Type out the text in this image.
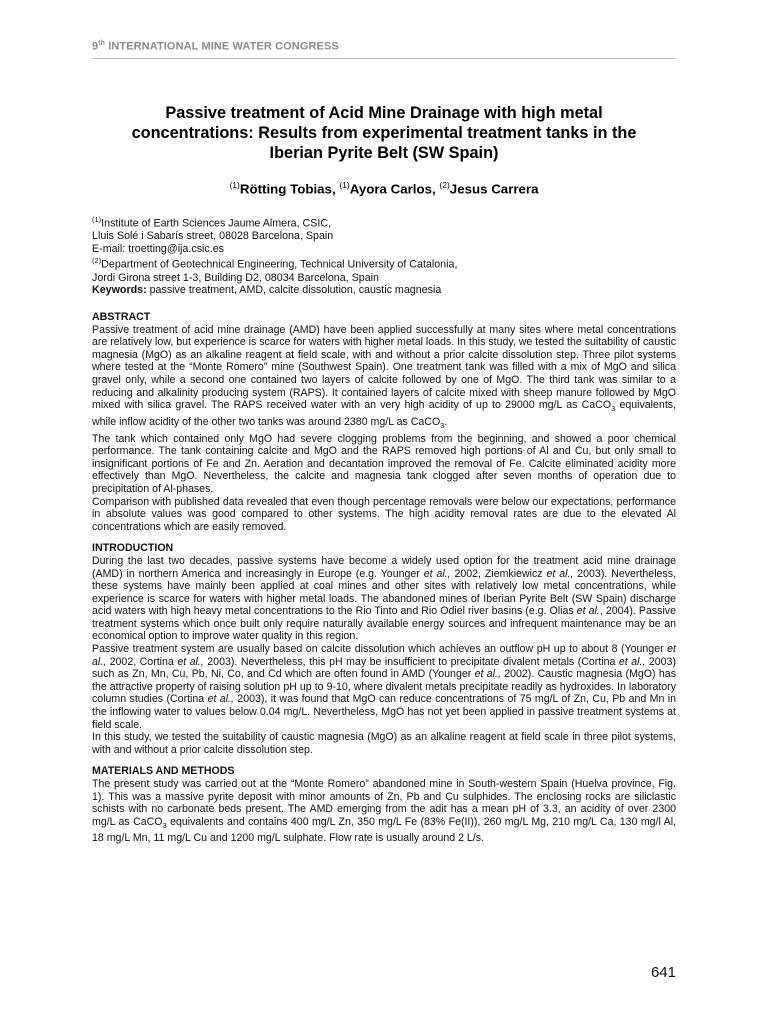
9th INTERNATIONAL MINE WATER CONGRESS
Passive treatment of Acid Mine Drainage with high metal
concentrations: Results from experimental treatment tanks in the
Iberian Pyrite Belt (SW Spain)
$^{(1)}$Rötting Tobias, $^{(1)}$Ayora Carlos, $^{(2)}$Jesus Carrera
$^{(1)}$Institute of Earth Sciences Jaume Almera, CSIC,
Lluis Solé i Sabarís street, 08028 Barcelona, Spain
E-mail: troetting@ija.csic.es
$^{(2)}$Department of Geotechnical Engineering, Technical University of Catalonia,
Jordi Girona street 1-3, Building D2, 08034 Barcelona, Spain
Keywords: passive treatment, AMD, calcite dissolution, caustic magnesia

ABSTRACT

Passive treatment of acid mine drainage (AMD) have been applied successfully at many sites where metal concentrations are relatively low, but experience is scarce for waters with higher metal loads. In this study, we tested the suitability of caustic magnesia (MgO) as an alkaline reagent at field scale, with and without a prior calcite dissolution step. Three pilot systems where tested at the “Monte Romero” mine (Southwest Spain). One treatment tank was filled with a mix of MgO and silica gravel only, while a second one contained two layers of calcite followed by one of MgO. The third tank was similar to a reducing and alkalinity producing system (RAPS). It contained layers of calcite mixed with sheep manure followed by MgO mixed with silica gravel. The RAPS received water with an very high acidity of up to 29000 mg/L as CaCO$_3$ equivalents, while inflow acidity of the other two tanks was around 2380 mg/L as CaCO$_3$.

The tank which contained only MgO had severe clogging problems from the beginning, and showed a poor chemical performance. The tank containing calcite and MgO and the RAPS removed high portions of Al and Cu, but only small to insignificant portions of Fe and Zn. Aeration and decantation improved the removal of Fe. Calcite eliminated acidity more effectively than MgO. Nevertheless, the calcite and magnesia tank clogged after seven months of operation due to precipitation of Al-phases.

Comparison with published data revealed that even though percentage removals were below our expectations, performance in absolute values was good compared to other systems. The high acidity removal rates are due to the elevated Al concentrations which are easily removed.

INTRODUCTION

During the last two decades, passive systems have become a widely used option for the treatment acid mine drainage (AMD) in northern America and increasingly in Europe (e.g. Younger et al., 2002, Ziemkiewicz et al., 2003). Nevertheless, these systems have mainly been applied at coal mines and other sites with relatively low metal concentrations, while experience is scarce for waters with higher metal loads. The abandoned mines of Iberian Pyrite Belt (SW Spain) discharge acid waters with high heavy metal concentrations to the Rio Tinto and Rio Odiel river basins (e.g. Olias et al., 2004). Passive treatment systems which once built only require naturally available energy sources and infrequent maintenance may be an economical option to improve water quality in this region.

Passive treatment system are usually based on calcite dissolution which achieves an outflow pH up to about 8 (Younger et al., 2002, Cortina et al., 2003). Nevertheless, this pH may be insufficient to precipitate divalent metals (Cortina et al., 2003) such as Zn, Mn, Cu, Pb, Ni, Co, and Cd which are often found in AMD (Younger et al., 2002). Caustic magnesia (MgO) has the attractive property of raising solution pH up to 9-10, where divalent metals precipitate readily as hydroxides. In laboratory column studies (Cortina et al., 2003), it was found that MgO can reduce concentrations of 75 mg/L of Zn, Cu, Pb and Mn in the inflowing water to values below 0.04 mg/L. Nevertheless, MgO has not yet been applied in passive treatment systems at field scale.

In this study, we tested the suitability of caustic magnesia (MgO) as an alkaline reagent at field scale in three pilot systems, with and without a prior calcite dissolution step.

MATERIALS AND METHODS

The present study was carried out at the “Monte Romero” abandoned mine in South-western Spain (Huelva province, Fig. 1). This was a massive pyrite deposit with minor amounts of Zn, Pb and Cu sulphides. The enclosing rocks are siliclastic schists with no carbonate beds present. The AMD emerging from the adit has a mean pH of 3.3, an acidity of over 2300 mg/L as CaCO$_3$ equivalents and contains 400 mg/L Zn, 350 mg/L Fe (83% Fe(II)), 260 mg/L Mg, 210 mg/L Ca, 130 mg/l Al, 18 mg/L Mn, 11 mg/L Cu and 1200 mg/L sulphate. Flow rate is usually around 2 L/s.

641
